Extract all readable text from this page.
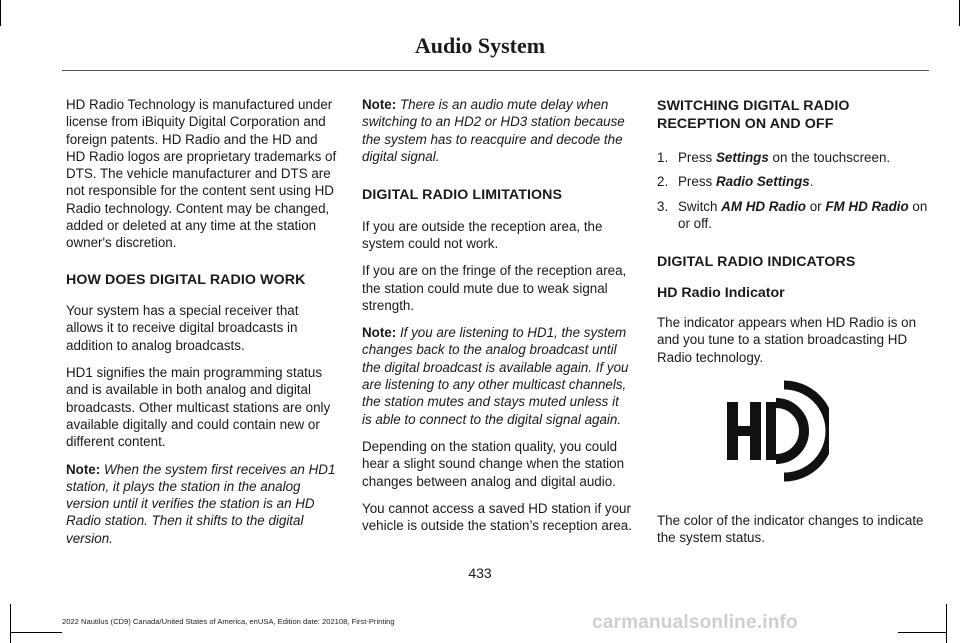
Audio System

HD Radio Technology is manufactured under license from iBiquity Digital Corporation and foreign patents. HD Radio and the HD and HD Radio logos are proprietary trademarks of DTS. The vehicle manufacturer and DTS are not responsible for the content sent using HD Radio technology. Content may be changed, added or deleted at any time at the station owner's discretion.

HOW DOES DIGITAL RADIO WORK

Your system has a special receiver that allows it to receive digital broadcasts in addition to analog broadcasts.

HD1 signifies the main programming status and is available in both analog and digital broadcasts. Other multicast stations are only available digitally and could contain new or different content.

Note: When the system first receives an HD1 station, it plays the station in the analog version until it verifies the station is an HD Radio station. Then it shifts to the digital version.

Note: There is an audio mute delay when switching to an HD2 or HD3 station because the system has to reacquire and decode the digital signal.

DIGITAL RADIO LIMITATIONS

If you are outside the reception area, the system could not work.

If you are on the fringe of the reception area, the station could mute due to weak signal strength.

Note: If you are listening to HD1, the system changes back to the analog broadcast until the digital broadcast is available again. If you are listening to any other multicast channels, the station mutes and stays muted unless it is able to connect to the digital signal again.

Depending on the station quality, you could hear a slight sound change when the station changes between analog and digital audio.

You cannot access a saved HD station if your vehicle is outside the station’s reception area.

SWITCHING DIGITAL RADIO RECEPTION ON AND OFF
1. Press Settings on the touchscreen.
2. Press Radio Settings.
3. Switch AM HD Radio or FM HD Radio on or off.
DIGITAL RADIO INDICATORS
HD Radio Indicator

The indicator appears when HD Radio is on and you tune to a station broadcasting HD Radio technology.

The color of the indicator changes to indicate the system status.

433
2022 Nautilus (CD9) Canada/United States of America, enUSA, Edition date: 202108, First-Printing	carmanualsonline.info
